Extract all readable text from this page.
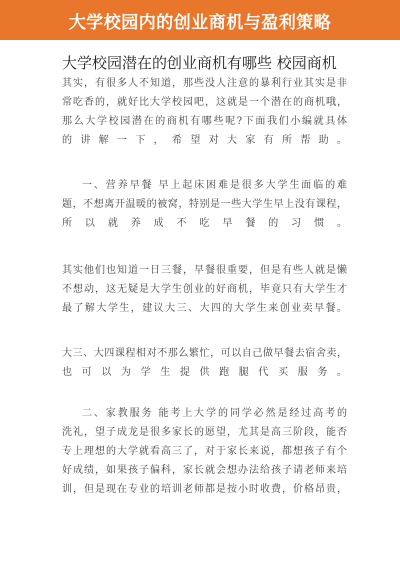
大学校园内的创业商机与盈利策略
大学校园潜在的创业商机有哪些 校园商机
其实，有很多人不知道，那些没人注意的暴利行业其实是非
常吃香的，就好比大学校园吧，这就是一个潜在的商机哦，
那么大学校园潜在的商机有哪些呢?下面我们小编就具体
的讲解一下，希望对大家有所帮助。
一、营养早餐 早上起床困难是很多大学生面临的难
题，不想离开温暖的被窝，特别是一些大学生早上没有课程，
所以就养成不吃早餐的习惯。
其实他们也知道一日三餐，早餐很重要，但是有些人就是懒
不想动，这无疑是大学生创业的好商机，毕竟只有大学生才
最了解大学生，建议大三、大四的大学生来创业卖早餐。
大三、大四课程相对不那么繁忙，可以自己做早餐去宿舍卖，
也可以为学生提供跑腿代买服务。
二、家教服务 能考上大学的同学必然是经过高考的
洗礼，望子成龙是很多家长的愿望，尤其是高三阶段，能否
专上理想的大学就看高三了，对于家长来说，都想孩子有个
好成绩，如果孩子偏科，家长就会想办法给孩子请老师来培
训，但是现在专业的培训老师都是按小时收费，价格昂贵，
